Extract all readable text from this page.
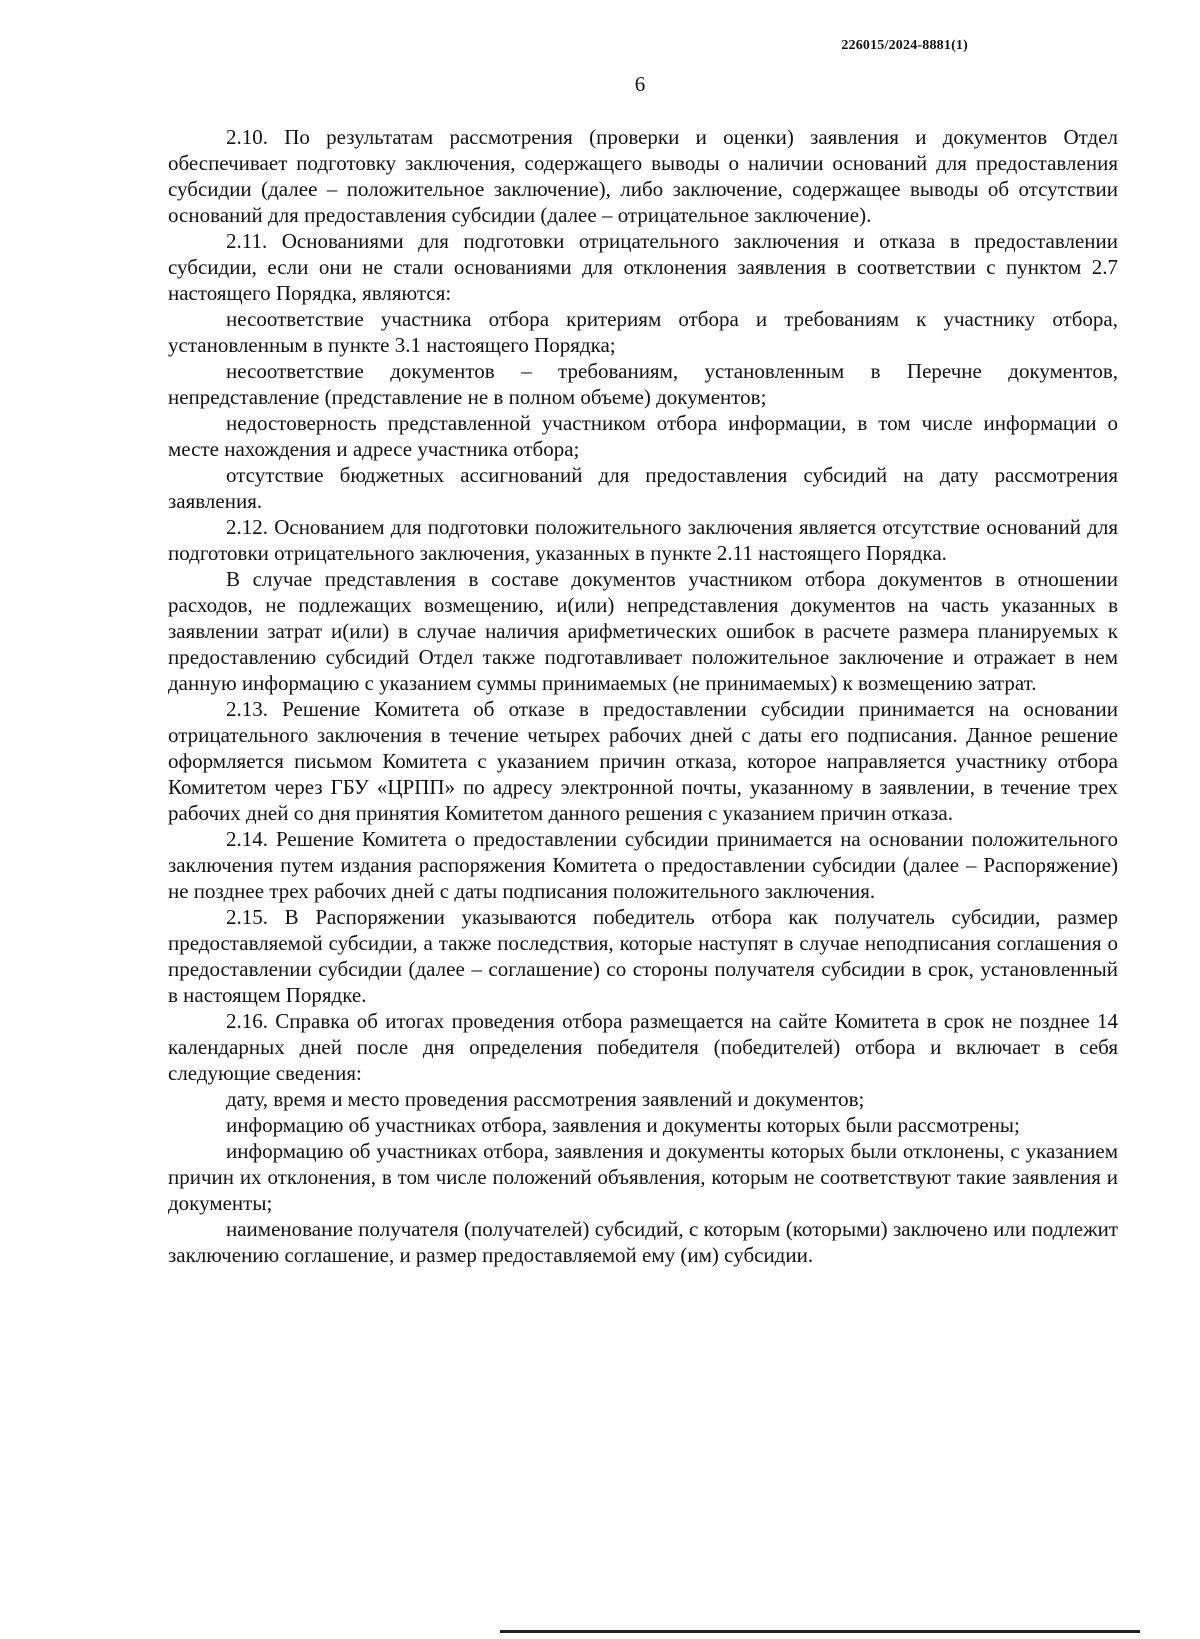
226015/2024-8881(1)
6

2.10. По результатам рассмотрения (проверки и оценки) заявления и документов Отдел обеспечивает подготовку заключения, содержащего выводы о наличии оснований для предоставления субсидии (далее – положительное заключение), либо заключение, содержащее выводы об отсутствии оснований для предоставления субсидии (далее – отрицательное заключение).

2.11. Основаниями для подготовки отрицательного заключения и отказа в предоставлении субсидии, если они не стали основаниями для отклонения заявления в соответствии с пунктом 2.7 настоящего Порядка, являются:

несоответствие участника отбора критериям отбора и требованиям к участнику отбора, установленным в пункте 3.1 настоящего Порядка;

несоответствие документов – требованиям, установленным в Перечне документов, непредставление (представление не в полном объеме) документов;

недостоверность представленной участником отбора информации, в том числе информации о месте нахождения и адресе участника отбора;

отсутствие бюджетных ассигнований для предоставления субсидий на дату рассмотрения заявления.

2.12. Основанием для подготовки положительного заключения является отсутствие оснований для подготовки отрицательного заключения, указанных в пункте 2.11 настоящего Порядка.

В случае представления в составе документов участником отбора документов в отношении расходов, не подлежащих возмещению, и(или) непредставления документов на часть указанных в заявлении затрат и(или) в случае наличия арифметических ошибок в расчете размера планируемых к предоставлению субсидий Отдел также подготавливает положительное заключение и отражает в нем данную информацию с указанием суммы принимаемых (не принимаемых) к возмещению затрат.

2.13. Решение Комитета об отказе в предоставлении субсидии принимается на основании отрицательного заключения в течение четырех рабочих дней с даты его подписания. Данное решение оформляется письмом Комитета с указанием причин отказа, которое направляется участнику отбора Комитетом через ГБУ «ЦРПП» по адресу электронной почты, указанному в заявлении, в течение трех рабочих дней со дня принятия Комитетом данного решения с указанием причин отказа.

2.14. Решение Комитета о предоставлении субсидии принимается на основании положительного заключения путем издания распоряжения Комитета о предоставлении субсидии (далее – Распоряжение) не позднее трех рабочих дней с даты подписания положительного заключения.

2.15. В Распоряжении указываются победитель отбора как получатель субсидии, размер предоставляемой субсидии, а также последствия, которые наступят в случае неподписания соглашения о предоставлении субсидии (далее – соглашение) со стороны получателя субсидии в срок, установленный в настоящем Порядке.

2.16. Справка об итогах проведения отбора размещается на сайте Комитета в срок не позднее 14 календарных дней после дня определения победителя (победителей) отбора и включает в себя следующие сведения:

дату, время и место проведения рассмотрения заявлений и документов;

информацию об участниках отбора, заявления и документы которых были рассмотрены;

информацию об участниках отбора, заявления и документы которых были отклонены, с указанием причин их отклонения, в том числе положений объявления, которым не соответствуют такие заявления и документы;

наименование получателя (получателей) субсидий, с которым (которыми) заключено или подлежит заключению соглашение, и размер предоставляемой ему (им) субсидии.
